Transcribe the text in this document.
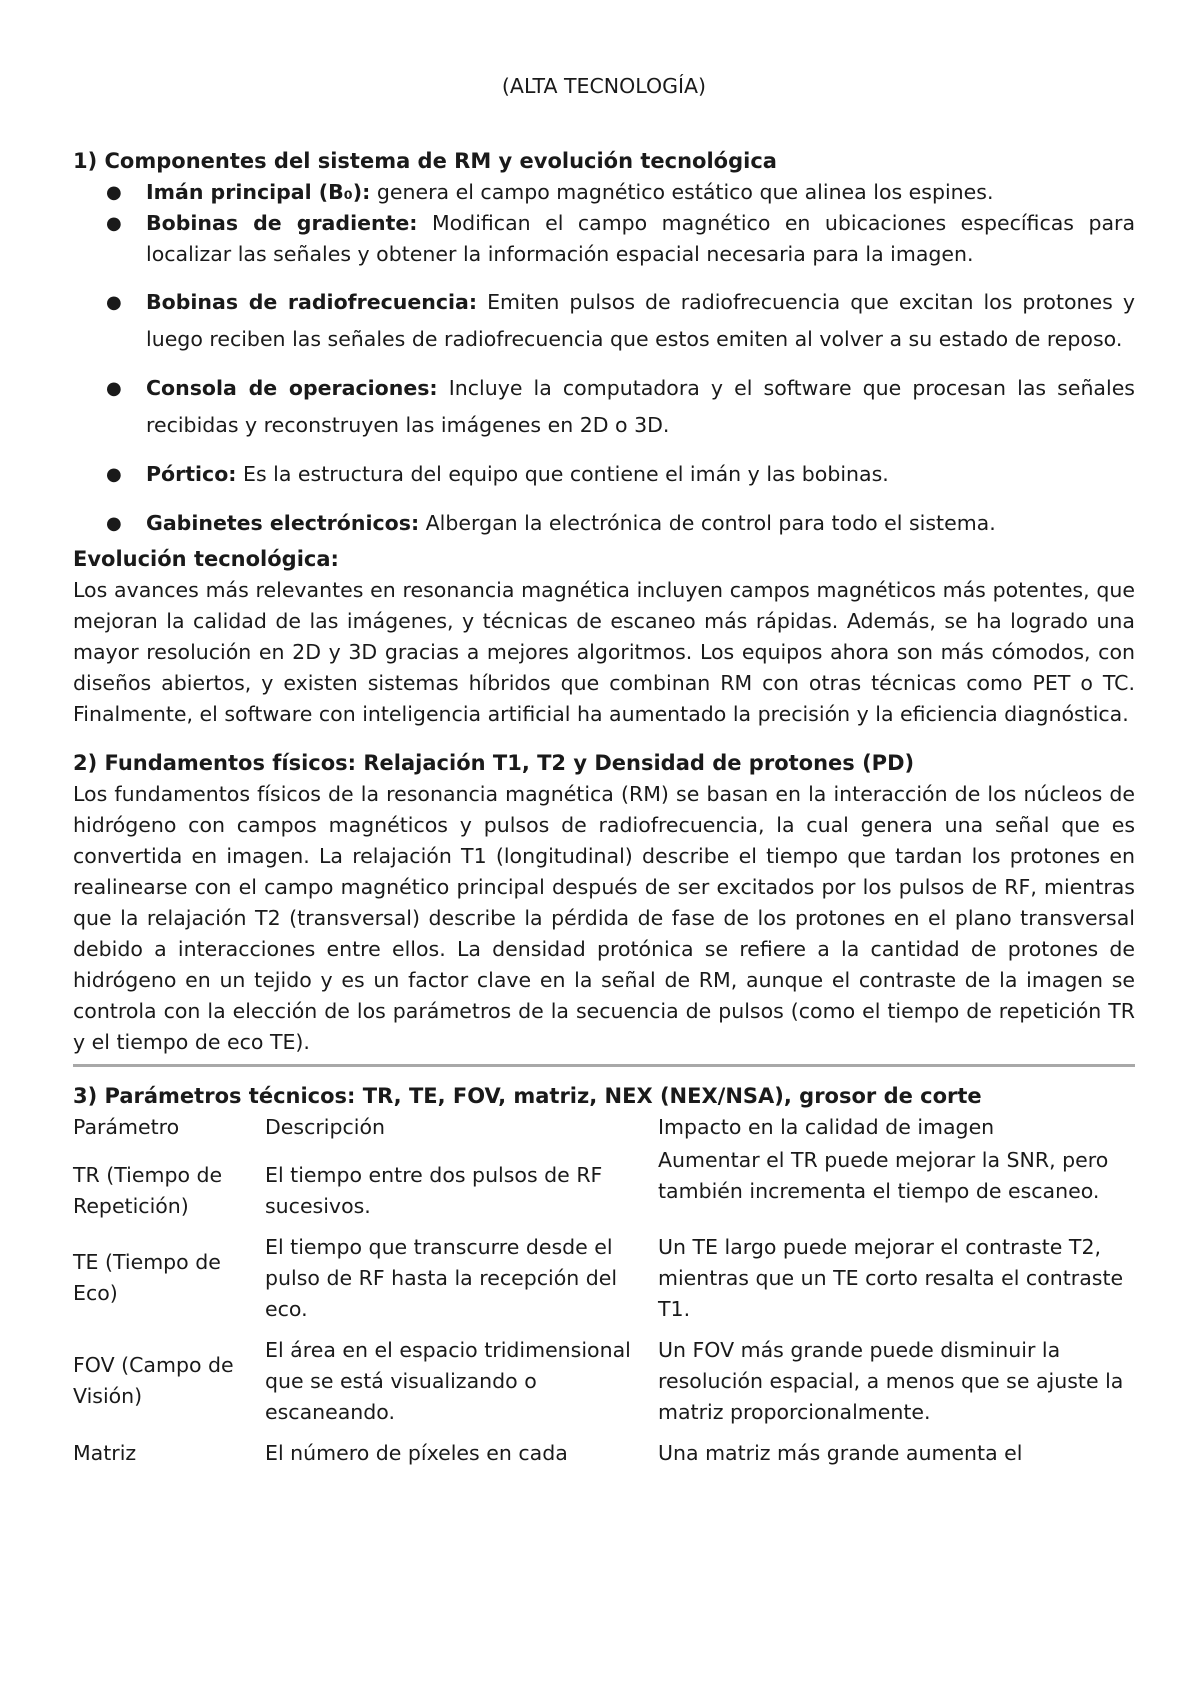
(ALTA TECNOLOGÍA)
1) Componentes del sistema de RM y evolución tecnológica
● Imán principal (B₀): genera el campo magnético estático que alinea los espines.
● Bobinas de gradiente: Modifican el campo magnético en ubicaciones específicas para localizar las señales y obtener la información espacial necesaria para la imagen.
● Bobinas de radiofrecuencia: Emiten pulsos de radiofrecuencia que excitan los protones y luego reciben las señales de radiofrecuencia que estos emiten al volver a su estado de reposo.
● Consola de operaciones: Incluye la computadora y el software que procesan las señales recibidas y reconstruyen las imágenes en 2D o 3D.
● Pórtico: Es la estructura del equipo que contiene el imán y las bobinas.
● Gabinetes electrónicos: Albergan la electrónica de control para todo el sistema.
Evolución tecnológica:

Los avances más relevantes en resonancia magnética incluyen campos magnéticos más potentes, que mejoran la calidad de las imágenes, y técnicas de escaneo más rápidas. Además, se ha logrado una mayor resolución en 2D y 3D gracias a mejores algoritmos. Los equipos ahora son más cómodos, con diseños abiertos, y existen sistemas híbridos que combinan RM con otras técnicas como PET o TC. Finalmente, el software con inteligencia artificial ha aumentado la precisión y la eficiencia diagnóstica.

2) Fundamentos físicos: Relajación T1, T2 y Densidad de protones (PD)

Los fundamentos físicos de la resonancia magnética (RM) se basan en la interacción de los núcleos de hidrógeno con campos magnéticos y pulsos de radiofrecuencia, la cual genera una señal que es convertida en imagen. La relajación T1 (longitudinal) describe el tiempo que tardan los protones en realinearse con el campo magnético principal después de ser excitados por los pulsos de RF, mientras que la relajación T2 (transversal) describe la pérdida de fase de los protones en el plano transversal debido a interacciones entre ellos. La densidad protónica se refiere a la cantidad de protones de hidrógeno en un tejido y es un factor clave en la señal de RM, aunque el contraste de la imagen se controla con la elección de los parámetros de la secuencia de pulsos (como el tiempo de repetición TR y el tiempo de eco TE).

3) Parámetros técnicos: TR, TE, FOV, matriz, NEX (NEX/NSA), grosor de corte
Parámetro	Descripción	Impacto en la calidad de imagen
TR (Tiempo de Repetición)	El tiempo entre dos pulsos de RF sucesivos.	Aumentar el TR puede mejorar la SNR, pero también incrementa el tiempo de escaneo.
TE (Tiempo de Eco)	El tiempo que transcurre desde el pulso de RF hasta la recepción del eco.	Un TE largo puede mejorar el contraste T2, mientras que un TE corto resalta el contraste T1.
FOV (Campo de Visión)	El área en el espacio tridimensional que se está visualizando o escaneando.	Un FOV más grande puede disminuir la resolución espacial, a menos que se ajuste la matriz proporcionalmente.
Matriz	El número de píxeles en cada	Una matriz más grande aumenta el
